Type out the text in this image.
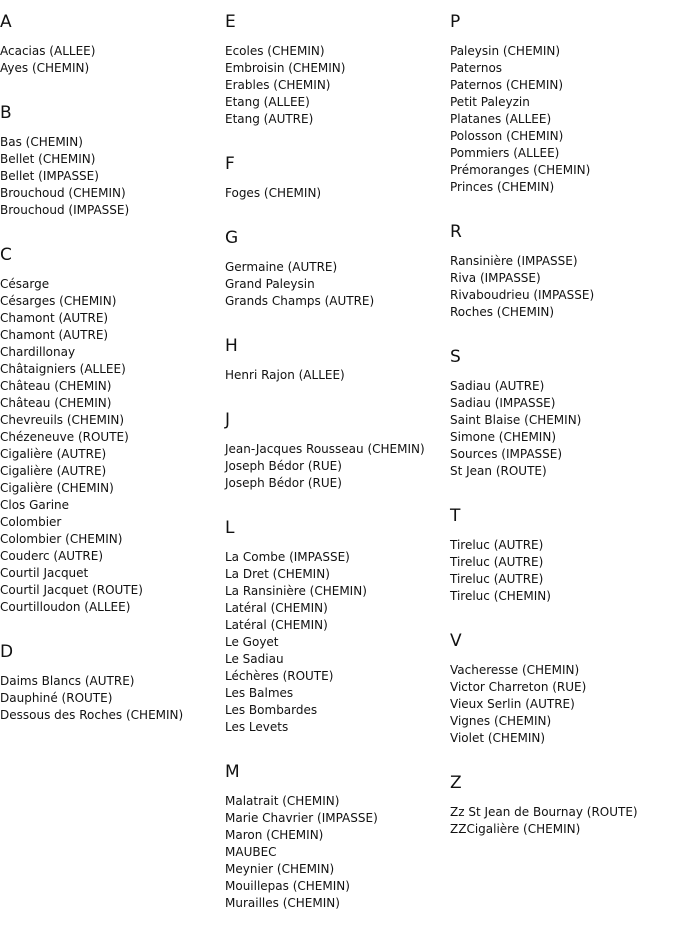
A
Acacias (ALLEE)
Ayes (CHEMIN)
B
Bas (CHEMIN)
Bellet (CHEMIN)
Bellet (IMPASSE)
Brouchoud (CHEMIN)
Brouchoud (IMPASSE)
C
Césarge
Césarges (CHEMIN)
Chamont (AUTRE)
Chamont (AUTRE)
Chardillonay
Châtaigniers (ALLEE)
Château (CHEMIN)
Château (CHEMIN)
Chevreuils (CHEMIN)
Chézeneuve (ROUTE)
Cigalière (AUTRE)
Cigalière (AUTRE)
Cigalière (CHEMIN)
Clos Garine
Colombier
Colombier (CHEMIN)
Couderc (AUTRE)
Courtil Jacquet
Courtil Jacquet (ROUTE)
Courtilloudon (ALLEE)
D
Daims Blancs (AUTRE)
Dauphiné (ROUTE)
Dessous des Roches (CHEMIN)
E
Ecoles (CHEMIN)
Embroisin (CHEMIN)
Erables (CHEMIN)
Etang (ALLEE)
Etang (AUTRE)
F
Foges (CHEMIN)
G
Germaine (AUTRE)
Grand Paleysin
Grands Champs (AUTRE)
H
Henri Rajon (ALLEE)
J
Jean-Jacques Rousseau (CHEMIN)
Joseph Bédor (RUE)
Joseph Bédor (RUE)
L
La Combe (IMPASSE)
La Dret (CHEMIN)
La Ransinière (CHEMIN)
Latéral (CHEMIN)
Latéral (CHEMIN)
Le Goyet
Le Sadiau
Léchères (ROUTE)
Les Balmes
Les Bombardes
Les Levets
M
Malatrait (CHEMIN)
Marie Chavrier (IMPASSE)
Maron (CHEMIN)
MAUBEC
Meynier (CHEMIN)
Mouillepas (CHEMIN)
Murailles (CHEMIN)
P
Paleysin (CHEMIN)
Paternos
Paternos (CHEMIN)
Petit Paleyzin
Platanes (ALLEE)
Polosson (CHEMIN)
Pommiers (ALLEE)
Prémoranges (CHEMIN)
Princes (CHEMIN)
R
Ransinière (IMPASSE)
Riva (IMPASSE)
Rivaboudrieu (IMPASSE)
Roches (CHEMIN)
S
Sadiau (AUTRE)
Sadiau (IMPASSE)
Saint Blaise (CHEMIN)
Simone (CHEMIN)
Sources (IMPASSE)
St Jean (ROUTE)
T
Tireluc (AUTRE)
Tireluc (AUTRE)
Tireluc (AUTRE)
Tireluc (CHEMIN)
V
Vacheresse (CHEMIN)
Victor Charreton (RUE)
Vieux Serlin (AUTRE)
Vignes (CHEMIN)
Violet (CHEMIN)
Z
Zz St Jean de Bournay (ROUTE)
ZZCigalière (CHEMIN)
